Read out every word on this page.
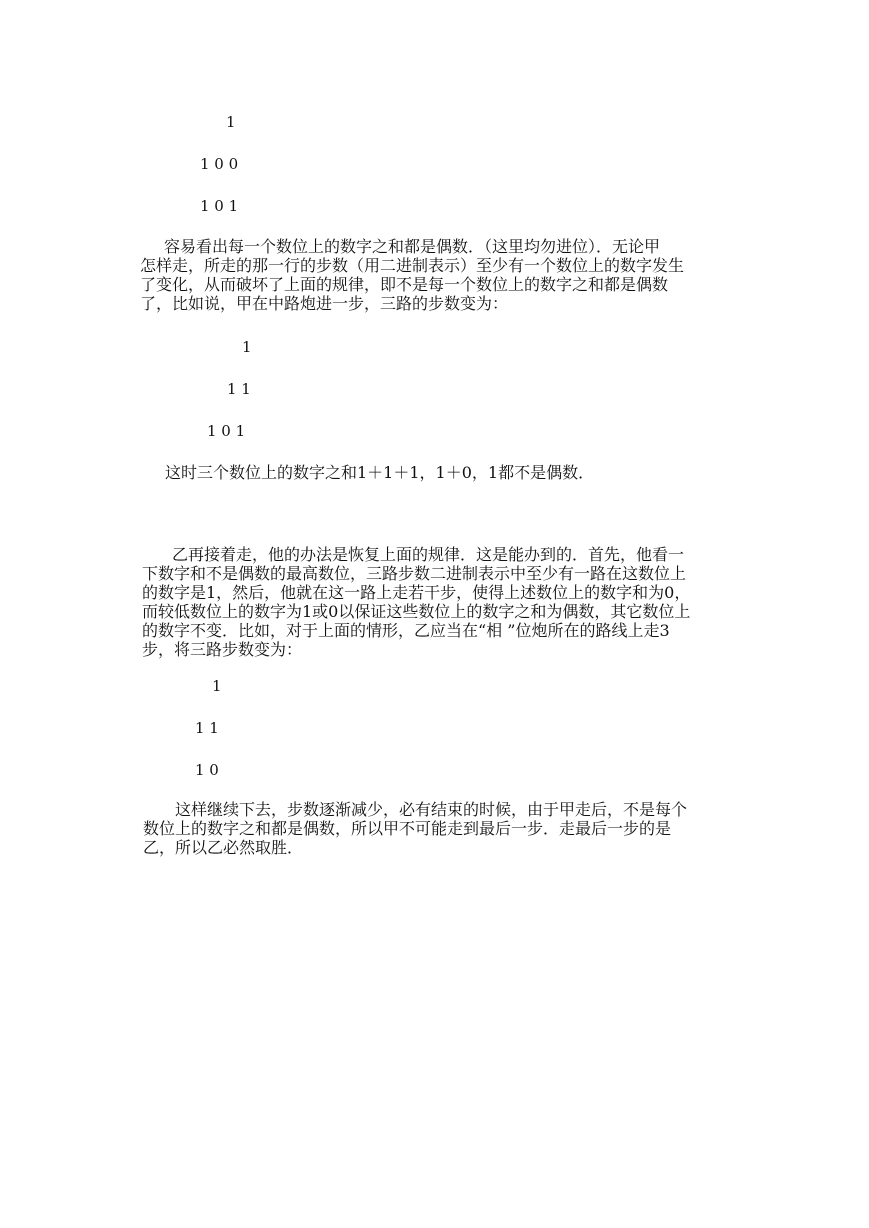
1

1 0 0

1 0 1

容易看出每一个数位上的数字之和都是偶数．（这里均勿进位）．无论甲
怎样走，所走的那一行的步数（用二进制表示）至少有一个数位上的数字发生
了变化，从而破坏了上面的规律，即不是每一个数位上的数字之和都是偶数
了，比如说，甲在中路炮进一步，三路的步数变为：

1

1 1

1 0 1

这时三个数位上的数字之和1＋1＋1，1＋0，1都不是偶数．
乙再接着走，他的办法是恢复上面的规律．这是能办到的．首先，他看一
下数字和不是偶数的最高数位，三路步数二进制表示中至少有一路在这数位上
的数字是1，然后，他就在这一路上走若干步，使得上述数位上的数字和为0，
而较低数位上的数字为1或0以保证这些数位上的数字之和为偶数，其它数位上
的数字不变．比如，对于上面的情形，乙应当在“相 ”位炮所在的路线上走3
步，将三路步数变为：

1

1 1

1 0

这样继续下去，步数逐渐减少，必有结束的时候，由于甲走后，不是每个
数位上的数字之和都是偶数，所以甲不可能走到最后一步．走最后一步的是
乙，所以乙必然取胜．
